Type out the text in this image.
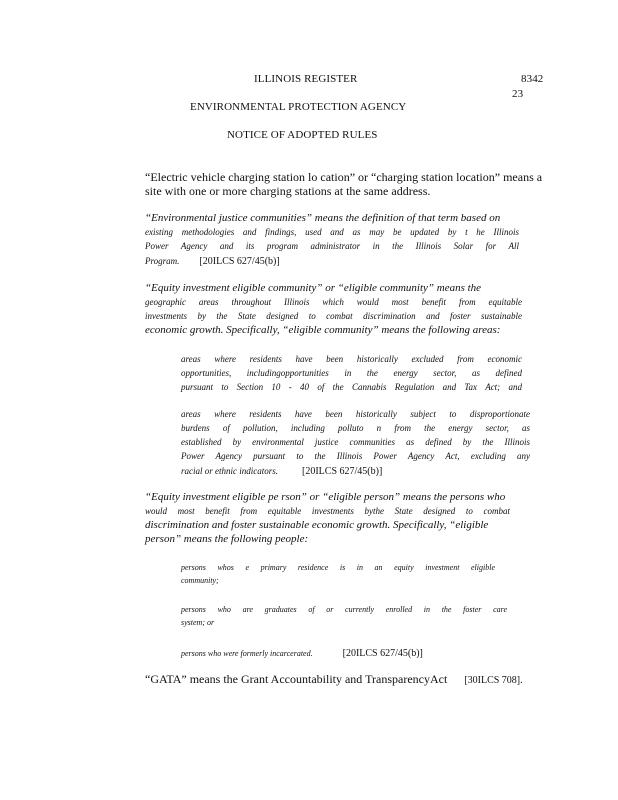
ILLINOIS REGISTER	8342
23
ENVIRONMENTAL PROTECTION AGENCY
NOTICE OF ADOPTED RULES
“Electric vehicle charging station lo cation” or “charging station location” means a
site with one or more charging stations at the same address.
“Environmental justice communities” means the definition of that term based on
existing methodologies and findings, used and as may be updated by t he Illinois
Power Agency and its program administrator in the Illinois Solar for All
Program. [20ILCS 627/45(b)]
“Equity investment eligible community” or “eligible community” means the
geographic areas throughout Illinois which would most benefit from equitable
investments by the State designed to combat discrimination and foster sustainable
economic growth. Specifically, “eligible community” means the following areas:
areas where residents have been historically excluded from economic
opportunities, includingopportunities in the energy sector, as defined
pursuant to Section 10 - 40 of the Cannabis Regulation and Tax Act; and
areas where residents have been historically subject to disproportionate
burdens of pollution, including polluto n from the energy sector, as
established by environmental justice communities as defined by the Illinois
Power Agency pursuant to the Illinois Power Agency Act, excluding any
racial or ethnic indicators. [20ILCS 627/45(b)]
“Equity investment eligible pe rson” or “eligible person” means the persons who
would most benefit from equitable investments bythe State designed to combat
discrimination and foster sustainable economic growth. Specifically, “eligible
person” means the following people:
persons whos e primary residence is in an equity investment eligible
community;
persons who are graduates of or currently enrolled in the foster care
system; or
persons who were formerly incarcerated.	[20ILCS 627/45(b)]
“GATA” means the Grant Accountability and TransparencyAct [30ILCS 708].
